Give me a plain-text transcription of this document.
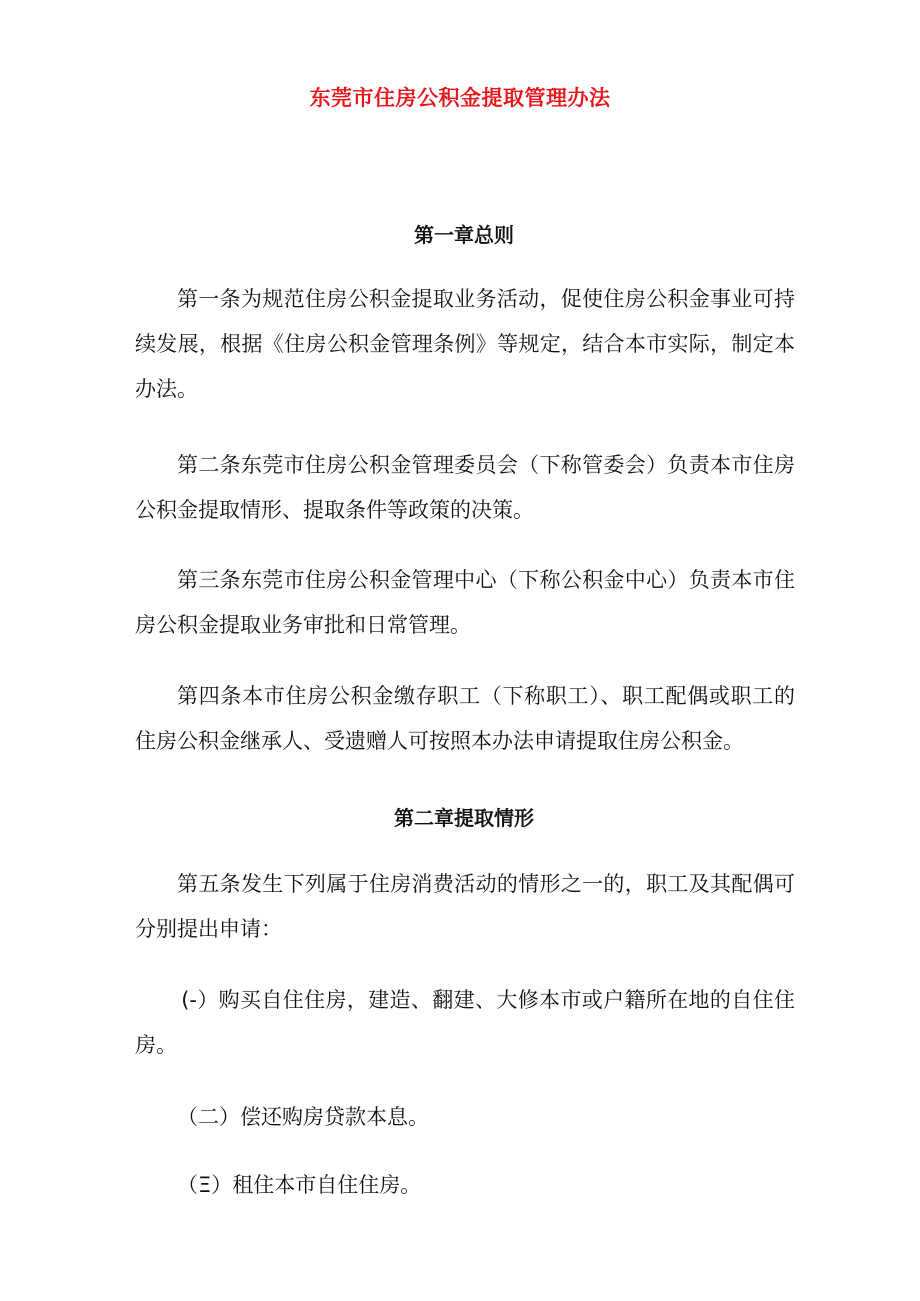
东莞市住房公积金提取管理办法
第一章总则

第一条为规范住房公积金提取业务活动，促使住房公积金事业可持续发展，根据《住房公积金管理条例》等规定，结合本市实际，制定本办法。

第二条东莞市住房公积金管理委员会（下称管委会）负责本市住房公积金提取情形、提取条件等政策的决策。

第三条东莞市住房公积金管理中心（下称公积金中心）负责本市住房公积金提取业务审批和日常管理。

第四条本市住房公积金缴存职工（下称职工）、职工配偶或职工的住房公积金继承人、受遗赠人可按照本办法申请提取住房公积金。

第二章提取情形

第五条发生下列属于住房消费活动的情形之一的，职工及其配偶可分别提出申请：

(-）购买自住住房，建造、翻建、大修本市或户籍所在地的自住住房。

（二）偿还购房贷款本息。

（Ξ）租住本市自住住房。
